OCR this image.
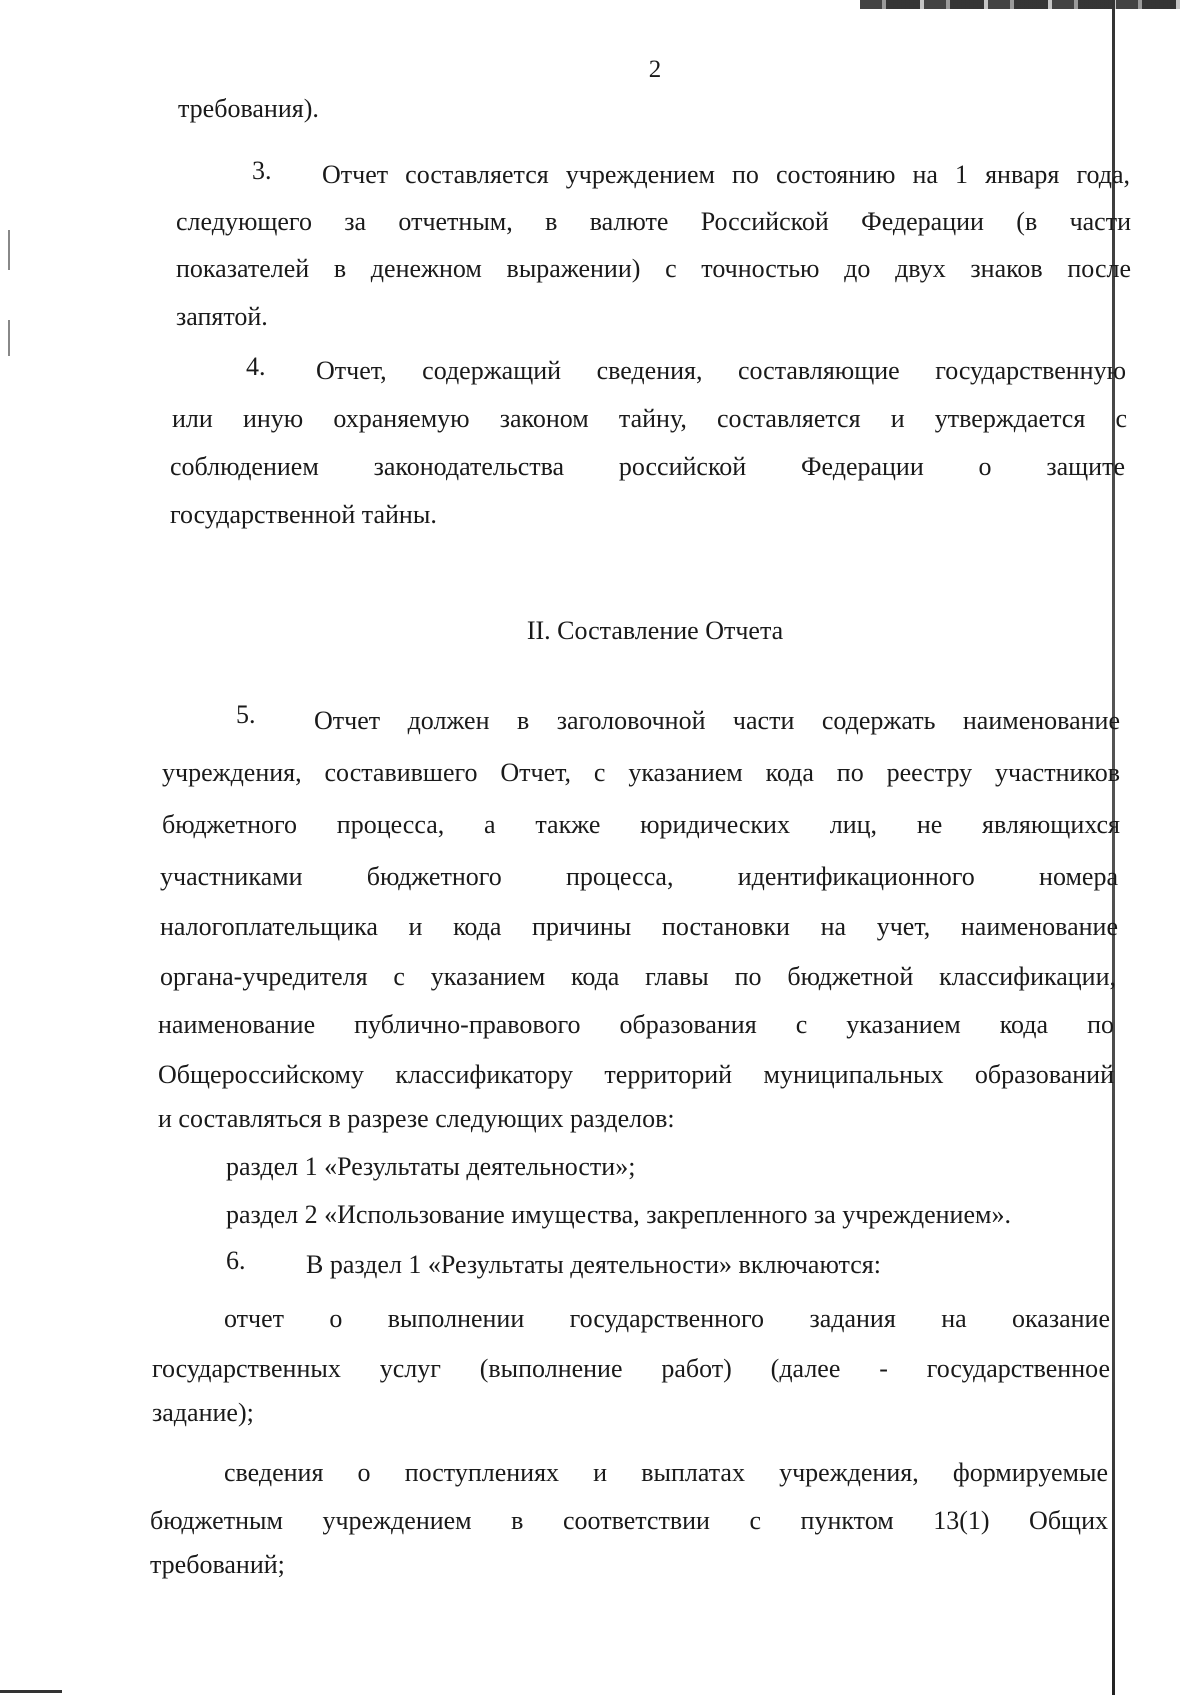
2
требования).
3. Отчет составляется учреждением по состоянию на 1 января года,
следующего за отчетным, в валюте Российской Федерации (в части
показателей в денежном выражении) с точностью до двух знаков после
запятой.
4. Отчет, содержащий сведения, составляющие государственную
или иную охраняемую законом тайну, составляется и утверждается с
соблюдением законодательства российской Федерации о защите
государственной тайны.
II. Составление Отчета
5. Отчет должен в заголовочной части содержать наименование
учреждения, составившего Отчет, с указанием кода по реестру участников
бюджетного процесса, а также юридических лиц, не являющихся
участниками бюджетного процесса, идентификационного номера
налогоплательщика и кода причины постановки на учет, наименование
органа-учредителя с указанием кода главы по бюджетной классификации,
наименование публично-правового образования с указанием кода по
Общероссийскому классификатору территорий муниципальных образований
и составляться в разрезе следующих разделов:
раздел 1 «Результаты деятельности»;
раздел 2 «Использование имущества, закрепленного за учреждением».
6. В раздел 1 «Результаты деятельности» включаются:
отчет о выполнении государственного задания на оказание
государственных услуг (выполнение работ) (далее - государственное
задание);
сведения о поступлениях и выплатах учреждения, формируемые
бюджетным учреждением в соответствии с пунктом 13(1) Общих
требований;
